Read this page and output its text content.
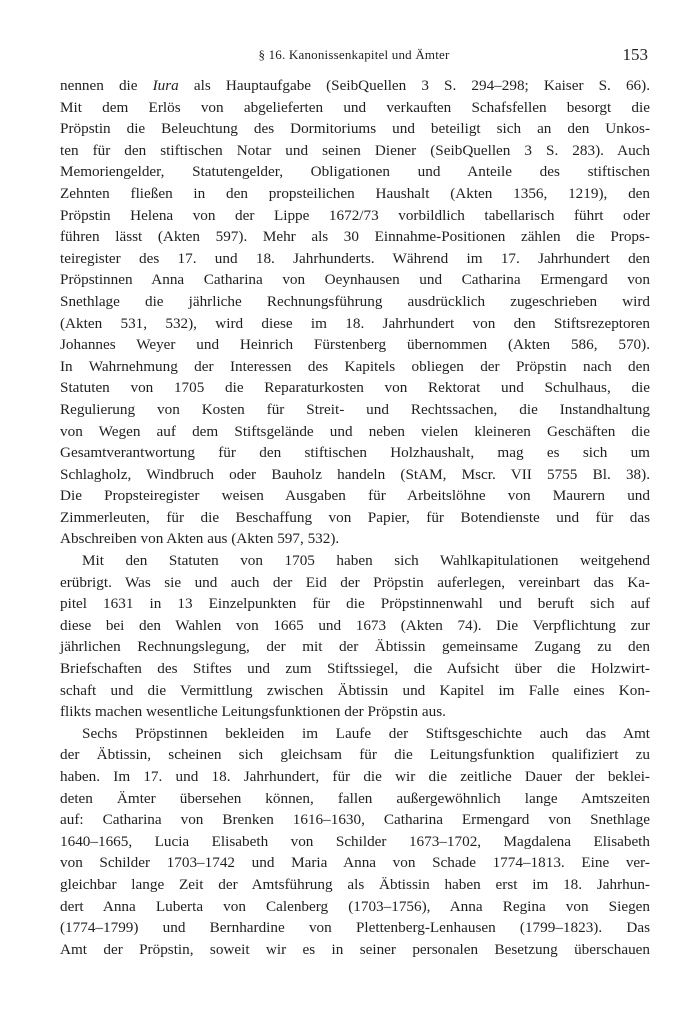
§ 16. Kanonissenkapitel und Ämter	153
nennen die Iura als Hauptaufgabe (SeibQuellen 3 S. 294–298; Kaiser S. 66).
Mit dem Erlös von abgelieferten und verkauften Schafsfellen besorgt die
Pröpstin die Beleuchtung des Dormitoriums und beteiligt sich an den Unkos-
ten für den stiftischen Notar und seinen Diener (SeibQuellen 3 S. 283). Auch
Memoriengelder, Statutengelder, Obligationen und Anteile des stiftischen
Zehnten fließen in den propsteilichen Haushalt (Akten 1356, 1219), den
Pröpstin Helena von der Lippe 1672/73 vorbildlich tabellarisch führt oder
führen lässt (Akten 597). Mehr als 30 Einnahme-Positionen zählen die Props-
teiregister des 17. und 18. Jahrhunderts. Während im 17. Jahrhundert den
Pröpstinnen Anna Catharina von Oeynhausen und Catharina Ermengard von
Snethlage die jährliche Rechnungsführung ausdrücklich zugeschrieben wird
(Akten 531, 532), wird diese im 18. Jahrhundert von den Stiftsrezeptoren
Johannes Weyer und Heinrich Fürstenberg übernommen (Akten 586, 570).
In Wahrnehmung der Interessen des Kapitels obliegen der Pröpstin nach den
Statuten von 1705 die Reparaturkosten von Rektorat und Schulhaus, die
Regulierung von Kosten für Streit- und Rechtssachen, die Instandhaltung
von Wegen auf dem Stiftsgelände und neben vielen kleineren Geschäften die
Gesamtverantwortung für den stiftischen Holzhaushalt, mag es sich um
Schlagholz, Windbruch oder Bauholz handeln (StAM, Mscr. VII 5755 Bl. 38).
Die Propsteiregister weisen Ausgaben für Arbeitslöhne von Maurern und
Zimmerleuten, für die Beschaffung von Papier, für Botendienste und für das
Abschreiben von Akten aus (Akten 597, 532).
Mit den Statuten von 1705 haben sich Wahlkapitulationen weitgehend
erübrigt. Was sie und auch der Eid der Pröpstin auferlegen, vereinbart das Ka-
pitel 1631 in 13 Einzelpunkten für die Pröpstinnenwahl und beruft sich auf
diese bei den Wahlen von 1665 und 1673 (Akten 74). Die Verpflichtung zur
jährlichen Rechnungslegung, der mit der Äbtissin gemeinsame Zugang zu den
Briefschaften des Stiftes und zum Stiftssiegel, die Aufsicht über die Holzwirt-
schaft und die Vermittlung zwischen Äbtissin und Kapitel im Falle eines Kon-
flikts machen wesentliche Leitungsfunktionen der Pröpstin aus.
Sechs Pröpstinnen bekleiden im Laufe der Stiftsgeschichte auch das Amt
der Äbtissin, scheinen sich gleichsam für die Leitungsfunktion qualifiziert zu
haben. Im 17. und 18. Jahrhundert, für die wir die zeitliche Dauer der beklei-
deten Ämter übersehen können, fallen außergewöhnlich lange Amtszeiten
auf: Catharina von Brenken 1616–1630, Catharina Ermengard von Snethlage
1640–1665, Lucia Elisabeth von Schilder 1673–1702, Magdalena Elisabeth
von Schilder 1703–1742 und Maria Anna von Schade 1774–1813. Eine ver-
gleichbar lange Zeit der Amtsführung als Äbtissin haben erst im 18. Jahrhun-
dert Anna Luberta von Calenberg (1703–1756), Anna Regina von Siegen
(1774–1799) und Bernhardine von Plettenberg-Lenhausen (1799–1823). Das
Amt der Pröpstin, soweit wir es in seiner personalen Besetzung überschauen
